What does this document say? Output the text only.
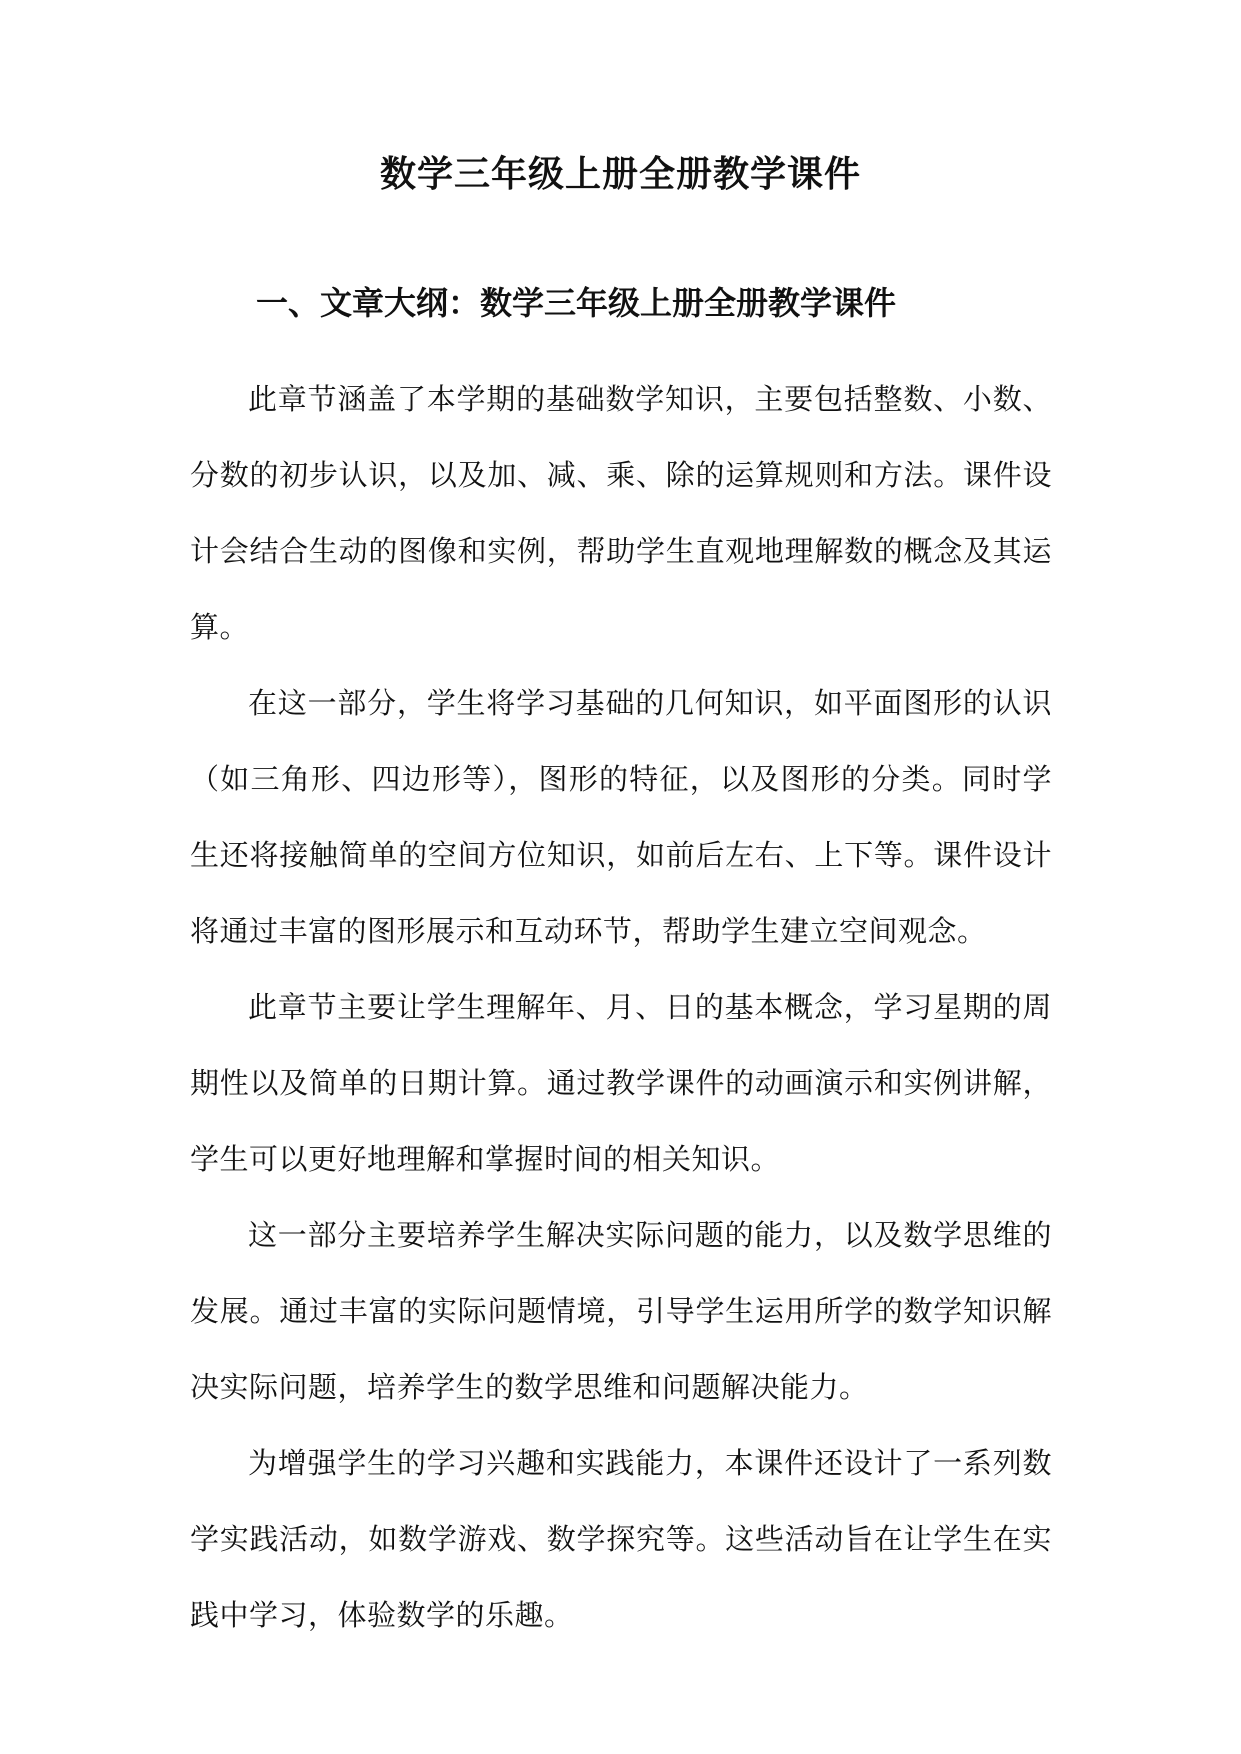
数学三年级上册全册教学课件
一、文章大纲：数学三年级上册全册教学课件

此章节涵盖了本学期的基础数学知识，主要包括整数、小数、分数的初步认识，以及加、减、乘、除的运算规则和方法。课件设计会结合生动的图像和实例，帮助学生直观地理解数的概念及其运算。

在这一部分，学生将学习基础的几何知识，如平面图形的认识（如三角形、四边形等），图形的特征，以及图形的分类。同时学生还将接触简单的空间方位知识，如前后左右、上下等。课件设计将通过丰富的图形展示和互动环节，帮助学生建立空间观念。

此章节主要让学生理解年、月、日的基本概念，学习星期的周期性以及简单的日期计算。通过教学课件的动画演示和实例讲解，学生可以更好地理解和掌握时间的相关知识。

这一部分主要培养学生解决实际问题的能力，以及数学思维的发展。通过丰富的实际问题情境，引导学生运用所学的数学知识解决实际问题，培养学生的数学思维和问题解决能力。

为增强学生的学习兴趣和实践能力，本课件还设计了一系列数学实践活动，如数学游戏、数学探究等。这些活动旨在让学生在实践中学习，体验数学的乐趣。
